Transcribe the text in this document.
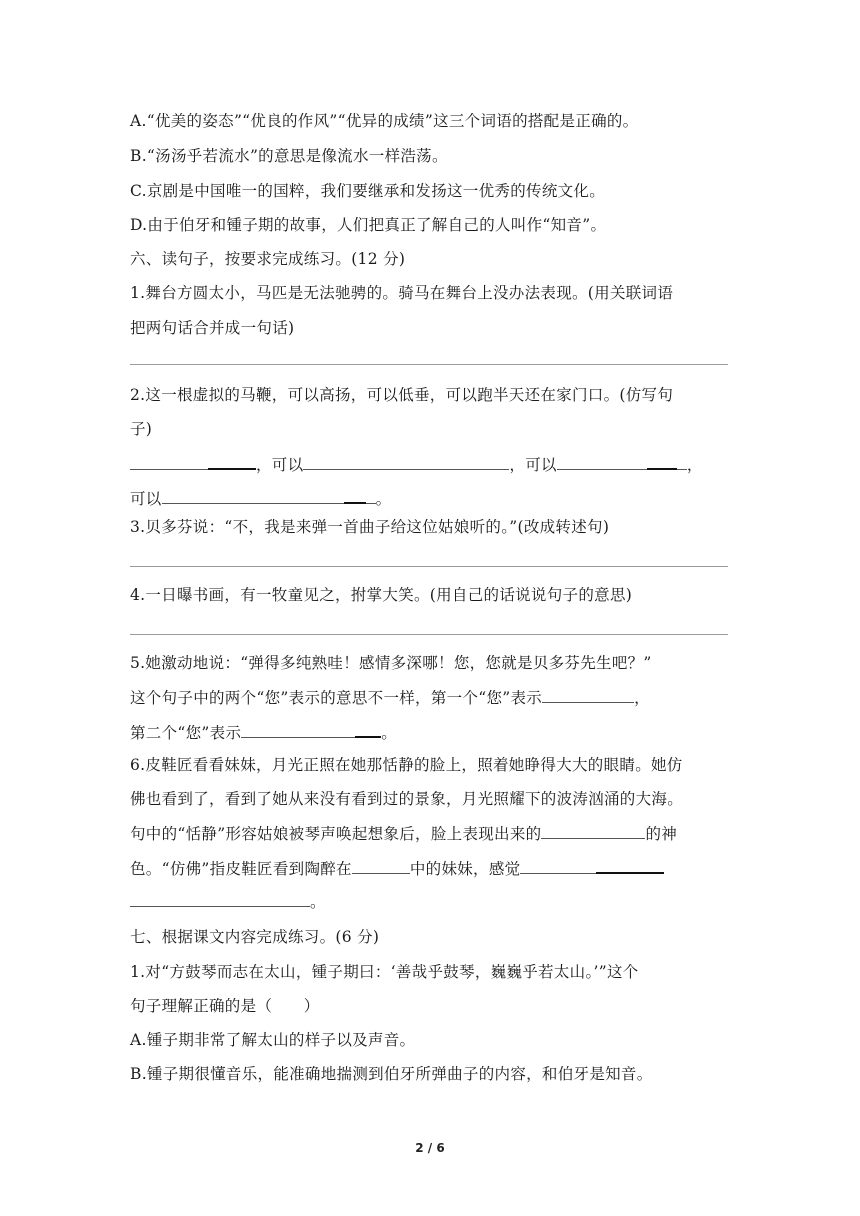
A.“优美的姿态”“优良的作风”“优异的成绩”这三个词语的搭配是正确的。
B.“汤汤乎若流水”的意思是像流水一样浩荡。
C.京剧是中国唯一的国粹，我们要继承和发扬这一优秀的传统文化。
D.由于伯牙和锺子期的故事，人们把真正了解自己的人叫作“知音”。
六、读句子，按要求完成练习。(12 分)
1.舞台方圆太小，马匹是无法驰骋的。骑马在舞台上没办法表现。(用关联词语
把两句话合并成一句话)
2.这一根虚拟的马鞭，可以高扬，可以低垂，可以跑半天还在家门口。(仿写句
子)
，可以	，可以	，
可以	。
3.贝多芬说：“不，我是来弹一首曲子给这位姑娘听的。”(改成转述句)
4.一日曝书画，有一牧童见之，拊掌大笑。(用自己的话说说句子的意思)
5.她激动地说：“弹得多纯熟哇！感情多深哪！您，您就是贝多芬先生吧？”
这个句子中的两个“您”表示的意思不一样，第一个“您”表示	，
第二个“您”表示	。
6.皮鞋匠看看妹妹，月光正照在她那恬静的脸上，照着她睁得大大的眼睛。她仿
佛也看到了，看到了她从来没有看到过的景象，月光照耀下的波涛汹涌的大海。
句中的“恬静”形容姑娘被琴声唤起想象后，脸上表现出来的	的神
色。“仿佛”指皮鞋匠看到陶醉在	中的妹妹，感觉
。
七、根据课文内容完成练习。(6 分)
1.对“方鼓琴而志在太山，锺子期曰：‘善哉乎鼓琴，巍巍乎若太山。’”这个
句子理解正确的是（　　）
A.锺子期非常了解太山的样子以及声音。
B.锺子期很懂音乐，能准确地揣测到伯牙所弹曲子的内容，和伯牙是知音。
2 / 6
